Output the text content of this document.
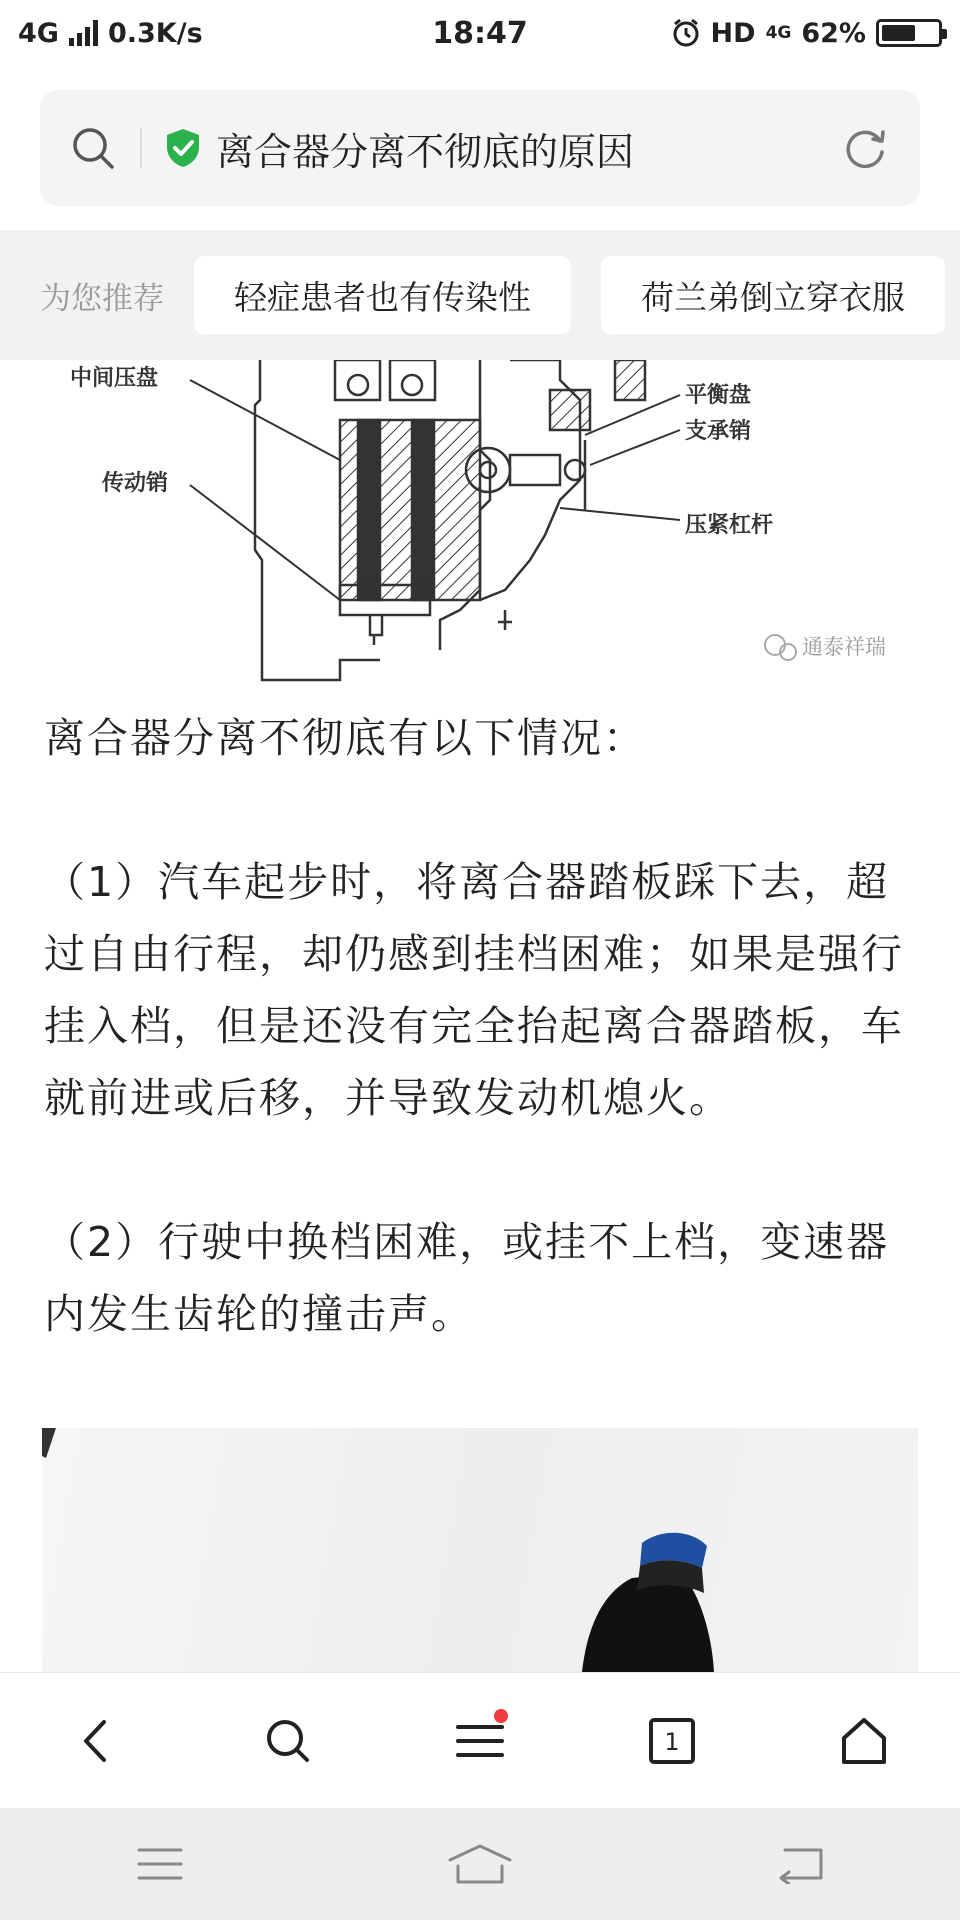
4G 0.3K/s	18:47	HD 4G 62%
离合器分离不彻底的原因
为您推荐	轻症患者也有传染性	荷兰弟倒立穿衣服
中间压盘
传动销
平衡盘
支承销
压紧杠杆
通泰祥瑞

离合器分离不彻底有以下情况：

（1）汽车起步时，将离合器踏板踩下去，超过自由行程，却仍感到挂档困难；如果是强行挂入档，但是还没有完全抬起离合器踏板，车就前进或后移，并导致发动机熄火。

（2）行驶中换档困难，或挂不上档，变速器内发生齿轮的撞击声。

1
